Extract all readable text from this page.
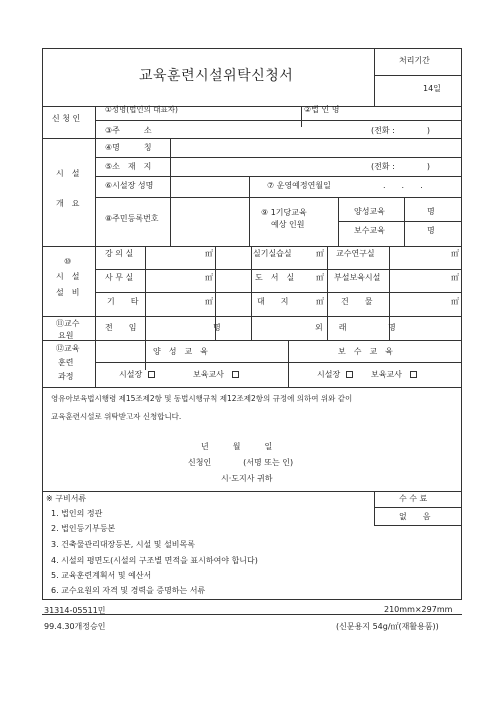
교육훈련시설위탁신청서
처리기간
14일
신 청 인
①성명(법인의 대표자)	②법 인 명
③주　　　소	(전화 :　　　　)
시　설
개　요
④명　　　칭
⑤소　재　지	(전화 :　　　　)
⑥시설장 성명	⑦ 운영예정연월일	.　　.　　.
⑧주민등록번호
⑨ 1기당교육
예상 인원
양성교육	명
보수교육	명
⑩
시　설
설　비
강 의 실	㎡	실기실습실	㎡ 교수연구실	㎡
사 무 실	㎡	도　서　실	㎡ 부설보육시설	㎡
기　　타	㎡	대　　지	㎡ 건　　물	㎡
⑪교수
요원
전　　임	명	외　　래	명
⑫교육
훈련
과정
양　성　교　육	보　수　교　육
시설장	보육교사	시설장	보육교사
영유아보육법시행령 제15조제2항 및 동법시행규칙 제12조제2항의 규정에 의하여 위와 같이
교육훈련시설로 위탁받고자 신청합니다.
년　　　월　　　일
신청인　　　　(서명 또는 인)
시·도지사 귀하
※ 구비서류
1. 법인의 정관
2. 법인등기부등본
3. 건축물관리대장등본, 시설 및 설비목록
4. 시설의 평면도(시설의 구조별 면적을 표시하여야 합니다)
5. 교육훈련계획서 및 예산서
6. 교수요원의 자격 및 경력을 증명하는 서류
수 수 료
없　　음
31314-05511민	210mm×297mm
99.4.30개정승인	(신문용지 54g/㎡(재활용품))
